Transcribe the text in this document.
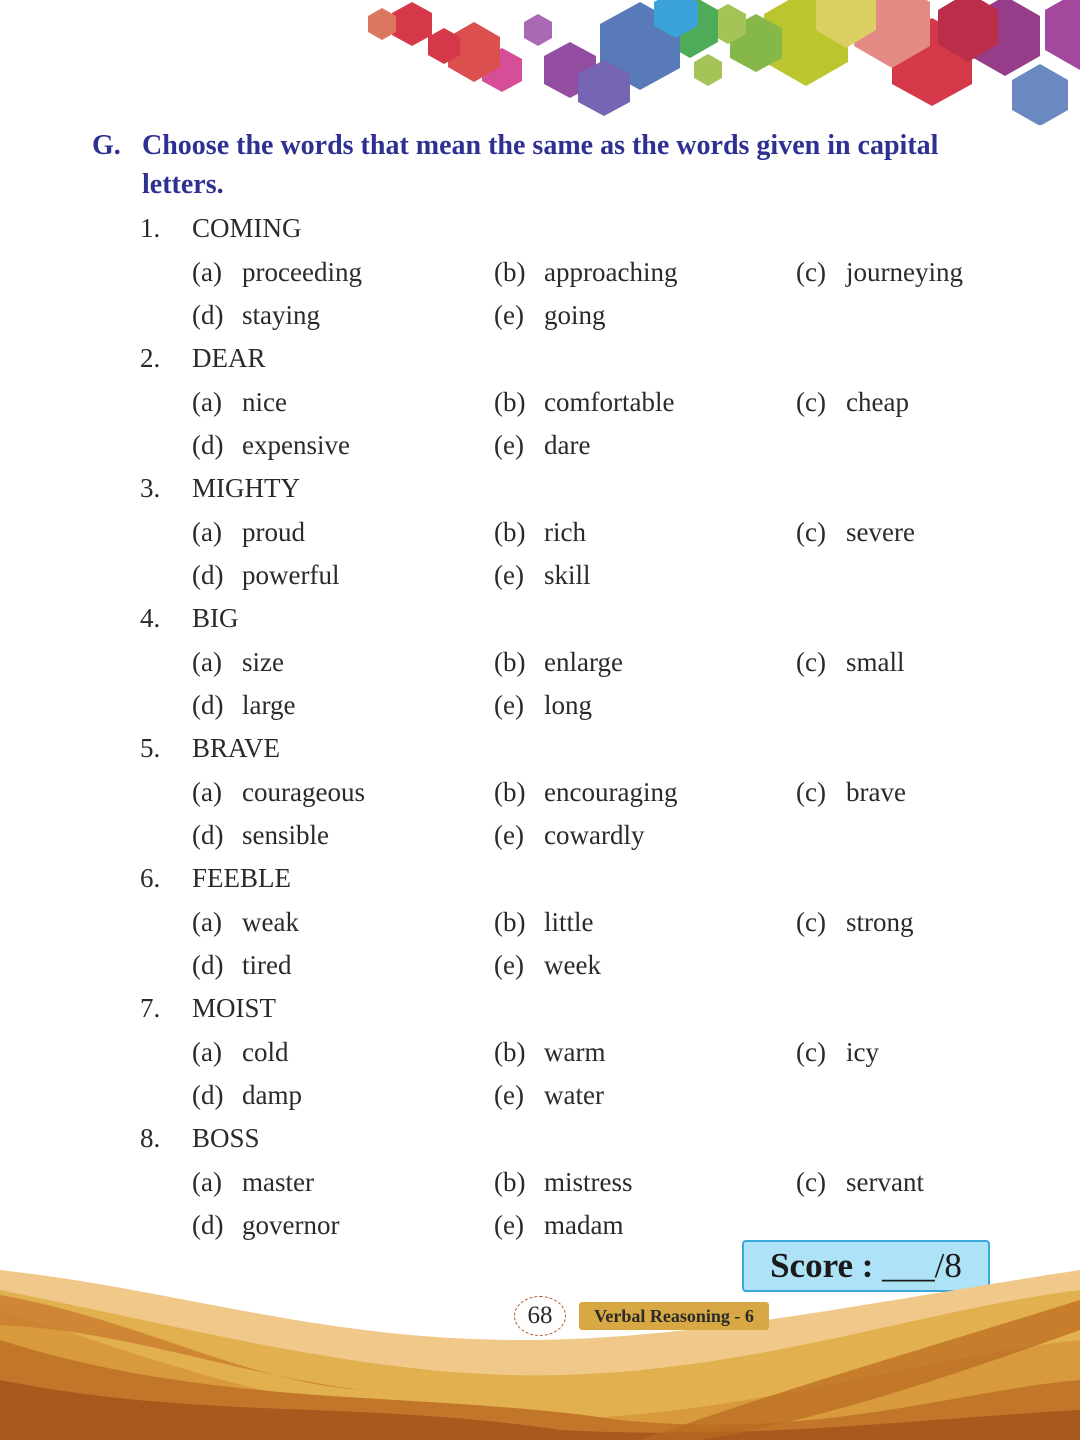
G. Choose the words that mean the same as the words given in capital letters.
1. COMING
(a) proceeding	(b) approaching	(c) journeying
(d) staying	(e) going
2. DEAR
(a) nice	(b) comfortable	(c) cheap
(d) expensive	(e) dare
3. MIGHTY
(a) proud	(b) rich	(c) severe
(d) powerful	(e) skill
4. BIG
(a) size	(b) enlarge	(c) small
(d) large	(e) long
5. BRAVE
(a) courageous	(b) encouraging	(c) brave
(d) sensible	(e) cowardly
6. FEEBLE
(a) weak	(b) little	(c) strong
(d) tired	(e) week
7. MOIST
(a) cold	(b) warm	(c) icy
(d) damp	(e) water
8. BOSS
(a) master	(b) mistress	(c) servant
(d) governor	(e) madam
Score : ___/8
68	Verbal Reasoning - 6
